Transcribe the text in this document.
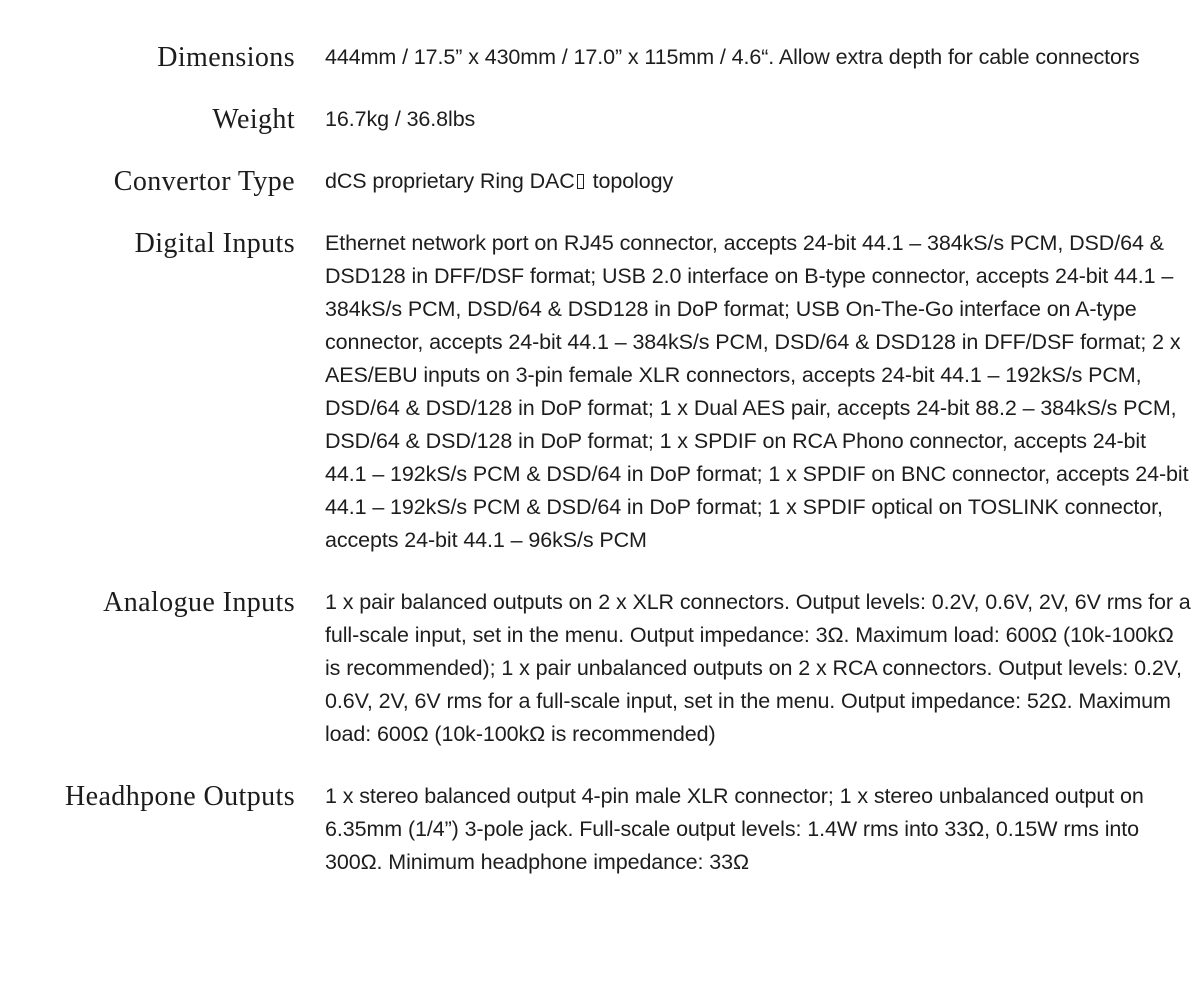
Dimensions 444mm / 17.5” x 430mm / 17.0” x 115mm / 4.6“. Allow extra depth for cable connectors
Weight 16.7kg / 36.8lbs
Convertor Type dCS proprietary Ring DAC topology
Digital Inputs Ethernet network port on RJ45 connector, accepts 24-bit 44.1 – 384kS/s PCM, DSD/64 & DSD128 in DFF/DSF format; USB 2.0 interface on B-type connector, accepts 24-bit 44.1 – 384kS/s PCM, DSD/64 & DSD128 in DoP format; USB On-The-Go interface on A-type connector, accepts 24-bit 44.1 – 384kS/s PCM, DSD/64 & DSD128 in DFF/DSF format; 2 x AES/EBU inputs on 3-pin female XLR connectors, accepts 24-bit 44.1 – 192kS/s PCM, DSD/64 & DSD/128 in DoP format; 1 x Dual AES pair, accepts 24-bit 88.2 – 384kS/s PCM, DSD/64 & DSD/128 in DoP format; 1 x SPDIF on RCA Phono connector, accepts 24-bit 44.1 – 192kS/s PCM & DSD/64 in DoP format; 1 x SPDIF on BNC connector, accepts 24-bit 44.1 – 192kS/s PCM & DSD/64 in DoP format; 1 x SPDIF optical on TOSLINK connector, accepts 24-bit 44.1 – 96kS/s PCM
Analogue Inputs 1 x pair balanced outputs on 2 x XLR connectors. Output levels: 0.2V, 0.6V, 2V, 6V rms for a full-scale input, set in the menu. Output impedance: 3Ω. Maximum load: 600Ω (10k-100kΩ is recommended); 1 x pair unbalanced outputs on 2 x RCA connectors. Output levels: 0.2V, 0.6V, 2V, 6V rms for a full-scale input, set in the menu. Output impedance: 52Ω. Maximum load: 600Ω (10k-100kΩ is recommended)
Headhpone Outputs 1 x stereo balanced output 4-pin male XLR connector; 1 x stereo unbalanced output on 6.35mm (1/4”) 3-pole jack. Full-scale output levels: 1.4W rms into 33Ω, 0.15W rms into 300Ω. Minimum headphone impedance: 33Ω
